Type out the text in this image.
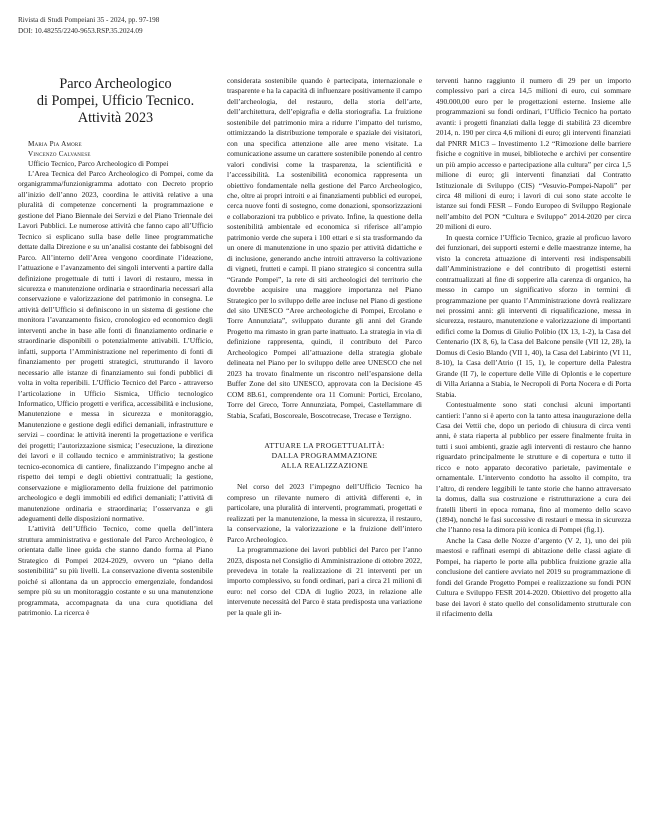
Rivista di Studi Pompeiani 35 - 2024, pp. 97-198
DOI: 10.48255/2240-9653.RSP.35.2024.09
Parco Archeologico
di Pompei, Ufficio Tecnico.
Attività 2023

Maria Pia Amore

Vincenzo Calvanese

Ufficio Tecnico, Parco Archeologico di Pompei

L’Area Tecnica del Parco Archeologico di Pompei, come da organigramma/funzionigramma adottato con Decreto proprio all’inizio dell’anno 2023, coordina le attività relative a una pluralità di competenze concernenti la programmazione e gestione del Piano Biennale dei Servizi e del Piano Triennale dei Lavori Pubblici. Le numerose attività che fanno capo all’Ufficio Tecnico si esplicano sulla base delle linee programmatiche dettate dalla Direzione e su un’analisi costante dei fabbisogni del Parco. All’interno dell’Area vengono coordinate l’ideazione, l’attuazione e l’avanzamento dei singoli interventi a partire dalla definizione progettuale di tutti i lavori di restauro, messa in sicurezza e manutenzione ordinaria e straordinaria necessari alla conservazione e valorizzazione del patrimonio in consegna. Le attività dell’Ufficio si definiscono in un sistema di gestione che monitora l’avanzamento fisico, cronologico ed economico degli interventi anche in base alle fonti di finanziamento ordinarie e straordinarie disponibili o potenzialmente attivabili. L’Ufficio, infatti, supporta l’Amministrazione nel reperimento di fonti di finanziamento per progetti strategici, strutturando il lavoro necessario alle istanze di finanziamento sui fondi pubblici di volta in volta reperibili. L’Ufficio Tecnico del Parco - attraverso l’articolazione in Ufficio Sismica, Ufficio tecnologico Informatico, Ufficio progetti e verifica, accessibilità e inclusione, Manutenzione e messa in sicurezza e monitoraggio, Manutenzione e gestione degli edifici demaniali, infrastrutture e servizi – coordina: le attività inerenti la progettazione e verifica dei progetti; l’autorizzazione sismica; l’esecuzione, la direzione dei lavori e il collaudo tecnico e amministrativo; la gestione tecnico-economica di cantiere, finalizzando l’impegno anche al rispetto dei tempi e degli obiettivi contrattuali; la gestione, conservazione e miglioramento della fruizione del patrimonio archeologico e degli immobili ed edifici demaniali; l’attività di manutenzione ordinaria e straordinaria; l’osservanza e gli adeguamenti delle disposizioni normative.

L’attività dell’Ufficio Tecnico, come quella dell’intera struttura amministrativa e gestionale del Parco Archeologico, è orientata dalle linee guida che stanno dando forma al Piano Strategico di Pompei 2024-2029, ovvero un “piano della sostenibilità” su più livelli. La conservazione diventa sostenibile poiché si allontana da un approccio emergenziale, fondandosi sempre più su un monitoraggio costante e su una manutenzione programmata, accompagnata da una cura quotidiana del patrimonio. La ricerca è

considerata sostenibile quando è partecipata, internazionale e trasparente e ha la capacità di influenzare positivamente il campo dell’archeologia, del restauro, della storia dell’arte, dell’architettura, dell’epigrafia e della storiografia. La fruizione sostenibile del patrimonio mira a ridurre l’impatto del turismo, ottimizzando la distribuzione temporale e spaziale dei visitatori, con una specifica attenzione alle aree meno visitate. La comunicazione assume un carattere sostenibile ponendo al centro valori condivisi come la trasparenza, la scientificità e l’accessibilità. La sostenibilità economica rappresenta un obiettivo fondamentale nella gestione del Parco Archeologico, che, oltre ai propri introiti e ai finanziamenti pubblici ed europei, cerca nuove fonti di sostegno, come donazioni, sponsorizzazioni e collaborazioni tra pubblico e privato. Infine, la questione della sostenibilità ambientale ed economica si riferisce all’ampio patrimonio verde che supera i 100 ettari e si sta trasformando da un onere di manutenzione in uno spazio per attività didattiche e di inclusione, generando anche introiti attraverso la coltivazione di vigneti, frutteti e campi. Il piano strategico si concentra sulla “Grande Pompei”, la rete di siti archeologici del territorio che dovrebbe acquisire una maggiore importanza nel Piano Strategico per lo sviluppo delle aree incluse nel Piano di gestione del sito UNESCO “Aree archeologiche di Pompei, Ercolano e Torre Annunziata”, sviluppato durante gli anni del Grande Progetto ma rimasto in gran parte inattuato. La strategia in via di definizione rappresenta, quindi, il contributo del Parco Archeologico Pompei all’attuazione della strategia globale delineata nel Piano per lo sviluppo delle aree UNESCO che nel 2023 ha trovato finalmente un riscontro nell’espansione della Buffer Zone del sito UNESCO, approvata con la Decisione 45 COM 8B.61, comprendente ora 11 Comuni: Portici, Ercolano, Torre del Greco, Torre Annunziata, Pompei, Castellammare di Stabia, Scafati, Boscoreale, Boscotrecase, Trecase e Terzigno.

ATTUARE LA PROGETTUALITÀ:
DALLA PROGRAMMAZIONE
ALLA REALIZZAZIONE

Nel corso del 2023 l’impegno dell’Ufficio Tecnico ha compreso un rilevante numero di attività differenti e, in particolare, una pluralità di interventi, programmati, progettati e realizzati per la manutenzione, la messa in sicurezza, il restauro, la conservazione, la valorizzazione e la fruizione dell’intero Parco Archeologico.

La programmazione dei lavori pubblici del Parco per l’anno 2023, disposta nel Consiglio di Amministrazione di ottobre 2022, prevedeva in totale la realizzazione di 21 interventi per un importo complessivo, su fondi ordinari, pari a circa 21 milioni di euro: nel corso del CDA di luglio 2023, in relazione alle intervenute necessità del Parco è stata predisposta una variazione per la quale gli in-

terventi hanno raggiunto il numero di 29 per un importo complessivo pari a circa 14,5 milioni di euro, cui sommare 490.000,00 euro per le progettazioni esterne. Insieme alle programmazioni su fondi ordinari, l’Ufficio Tecnico ha portato avanti: i progetti finanziati dalla legge di stabilità 23 dicembre 2014, n. 190 per circa 4,6 milioni di euro; gli interventi finanziati dal PNRR M1C3 – Investimento 1.2 “Rimozione delle barriere fisiche e cognitive in musei, biblioteche e archivi per consentire un più ampio accesso e partecipazione alla cultura” per circa 1,5 milione di euro; gli interventi finanziati dal Contratto Istituzionale di Sviluppo (CIS) “Vesuvio-Pompei-Napoli” per circa 48 milioni di euro; i lavori di cui sono state accolte le istanze sui fondi FESR – Fondo Europeo di Sviluppo Regionale nell’ambito del PON “Cultura e Sviluppo” 2014-2020 per circa 20 milioni di euro.

In questa cornice l’Ufficio Tecnico, grazie al proficuo lavoro dei funzionari, dei supporti esterni e delle maestranze interne, ha visto la concreta attuazione di interventi resi indispensabili dall’Amministrazione e del contributo di progettisti esterni contrattualizzati al fine di sopperire alla carenza di organico, ha messo in campo un significativo sforzo in termini di programmazione per quanto l’Amministrazione dovrà realizzare nei prossimi anni: gli interventi di riqualificazione, messa in sicurezza, restauro, manutenzione e valorizzazione di importanti edifici come la Domus di Giulio Polibio (IX 13, 1-2), la Casa del Centenario (IX 8, 6), la Casa del Balcone pensile (VII 12, 28), la Domus di Cesio Blando (VII 1, 40), la Casa del Labirinto (VI 11, 8-10), la Casa dell’Atrio (I 15, 1), le coperture della Palestra Grande (II 7), le coperture delle Ville di Oplontis e le coperture di Villa Arianna a Stabia, le Necropoli di Porta Nocera e di Porta Stabia.

Contestualmente sono stati conclusi alcuni importanti cantieri: l’anno si è aperto con la tanto attesa inaugurazione della Casa dei Vettii che, dopo un periodo di chiusura di circa venti anni, è stata riaperta al pubblico per essere finalmente fruita in tutti i suoi ambienti, grazie agli interventi di restauro che hanno riguardato principalmente le strutture e di copertura e tutto il ricco e noto apparato decorativo parietale, pavimentale e ornamentale. L’intervento condotto ha assolto il compito, tra l’altro, di rendere leggibili le tante storie che hanno attraversato la domus, dalla sua costruzione e ristrutturazione a cura dei fratelli liberti in epoca romana, fino al momento dello scavo (1894), nonché le fasi successive di restauri e messa in sicurezza che l’hanno resa la dimora più iconica di Pompei (fig.1).

Anche la Casa delle Nozze d’argento (V 2, 1), uno dei più maestosi e raffinati esempi di abitazione delle classi agiate di Pompei, ha riaperto le porte alla pubblica fruizione grazie alla conclusione del cantiere avviato nel 2019 su programmazione di fondi del Grande Progetto Pompei e realizzazione su fondi PON Cultura e Sviluppo FESR 2014-2020. Obiettivo del progetto alla base dei lavori è stato quello del consolidamento strutturale con il rifacimento della
